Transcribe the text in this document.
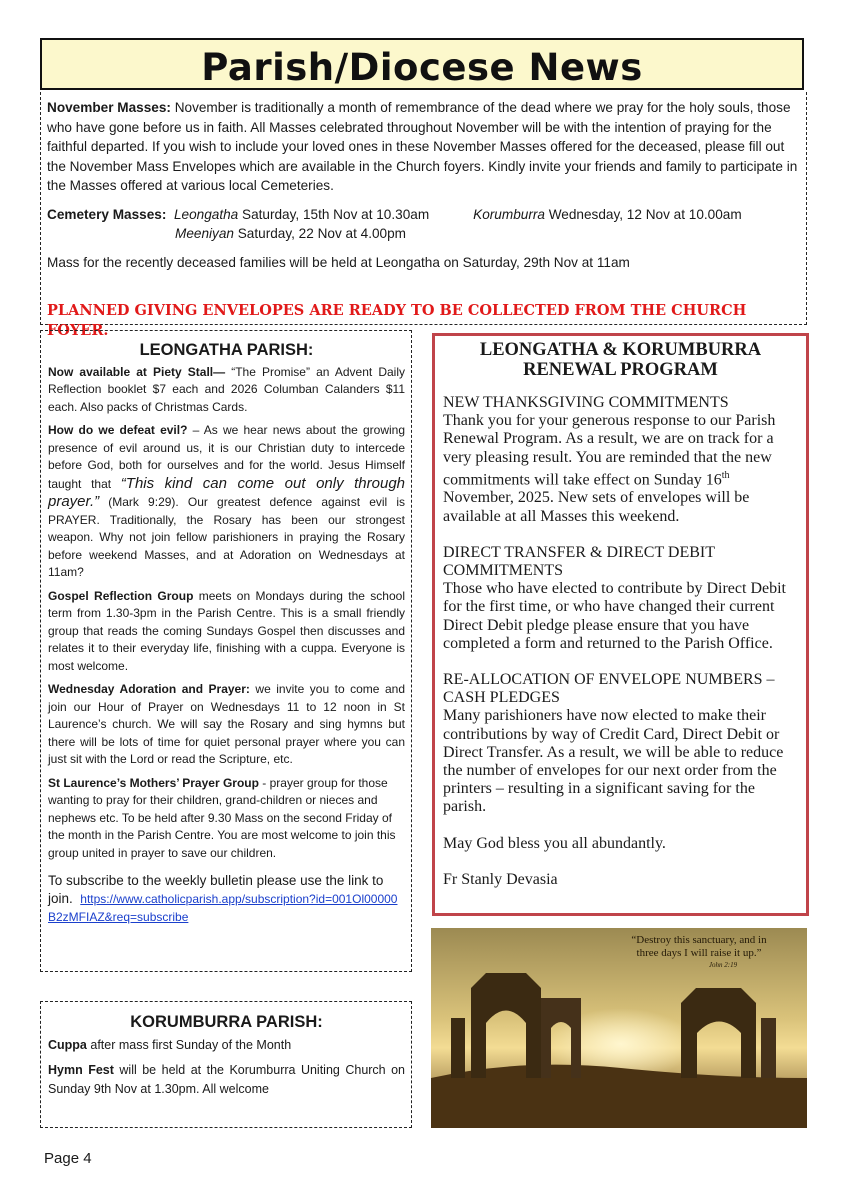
Parish/Diocese News

November Masses: November is traditionally a month of remembrance of the dead where we pray for the holy souls, those who have gone before us in faith. All Masses celebrated throughout November will be with the intention of praying for the faithful departed. If you wish to include your loved ones in these November Masses offered for the deceased, please fill out the November Mass Envelopes which are available in the Church foyers. Kindly invite your friends and family to participate in the Masses offered at various local Cemeteries.

Cemetery Masses: Leongatha Saturday, 15th Nov at 10.30am	Korumburra Wednesday, 12 Nov at 10.00am

Meeniyan Saturday, 22 Nov at 4.00pm

Mass for the recently deceased families will be held at Leongatha on Saturday, 29th Nov at 11am

PLANNED GIVING ENVELOPES ARE READY TO BE COLLECTED FROM THE CHURCH FOYER.

LEONGATHA PARISH:

Now available at Piety Stall— “The Promise” an Advent Daily Reflection booklet $7 each and 2026 Columban Calanders $11 each. Also packs of Christmas Cards.

How do we defeat evil? – As we hear news about the growing presence of evil around us, it is our Christian duty to intercede before God, both for ourselves and for the world. Jesus Himself taught that “This kind can come out only through prayer.” (Mark 9:29). Our greatest defence against evil is PRAYER. Traditionally, the Rosary has been our strongest weapon. Why not join fellow parishioners in praying the Rosary before weekend Masses, and at Adoration on Wednesdays at 11am?

Gospel Reflection Group meets on Mondays during the school term from 1.30-3pm in the Parish Centre. This is a small friendly group that reads the coming Sundays Gospel then discusses and relates it to their everyday life, finishing with a cuppa. Everyone is most welcome.

Wednesday Adoration and Prayer: we invite you to come and join our Hour of Prayer on Wednesdays 11 to 12 noon in St Laurence’s church. We will say the Rosary and sing hymns but there will be lots of time for quiet personal prayer where you can just sit with the Lord or read the Scripture, etc.

St Laurence’s Mothers’ Prayer Group - prayer group for those wanting to pray for their children, grand-children or nieces and nephews etc. To be held after 9.30 Mass on the second Friday of the month in the Parish Centre. You are most welcome to join this group united in prayer to save our children.

To subscribe to the weekly bulletin please use the link to join. https://www.catholicparish.app/subscription?id=001Ol00000B2zMFIAZ&req=subscribe

KORUMBURRA PARISH:

Cuppa after mass first Sunday of the Month

Hymn Fest will be held at the Korumburra Uniting Church on Sunday 9th Nov at 1.30pm. All welcome

LEONGATHA & KORUMBURRA RENEWAL PROGRAM

NEW THANKSGIVING COMMITMENTS
Thank you for your generous response to our Parish Renewal Program. As a result, we are on track for a very pleasing result. You are reminded that the new commitments will take effect on Sunday 16th November, 2025. New sets of envelopes will be available at all Masses this weekend.

DIRECT TRANSFER & DIRECT DEBIT COMMITMENTS
Those who have elected to contribute by Direct Debit for the first time, or who have changed their current Direct Debit pledge please ensure that you have completed a form and returned to the Parish Office.

RE-ALLOCATION OF ENVELOPE NUMBERS – CASH PLEDGES
Many parishioners have now elected to make their contributions by way of Credit Card, Direct Debit or Direct Transfer. As a result, we will be able to reduce the number of envelopes for our next order from the printers – resulting in a significant saving for the parish.

May God bless you all abundantly.

Fr Stanly Devasia

“Destroy this sanctuary, and in
three days I will raise it up.”
John 2:19
Page 4
